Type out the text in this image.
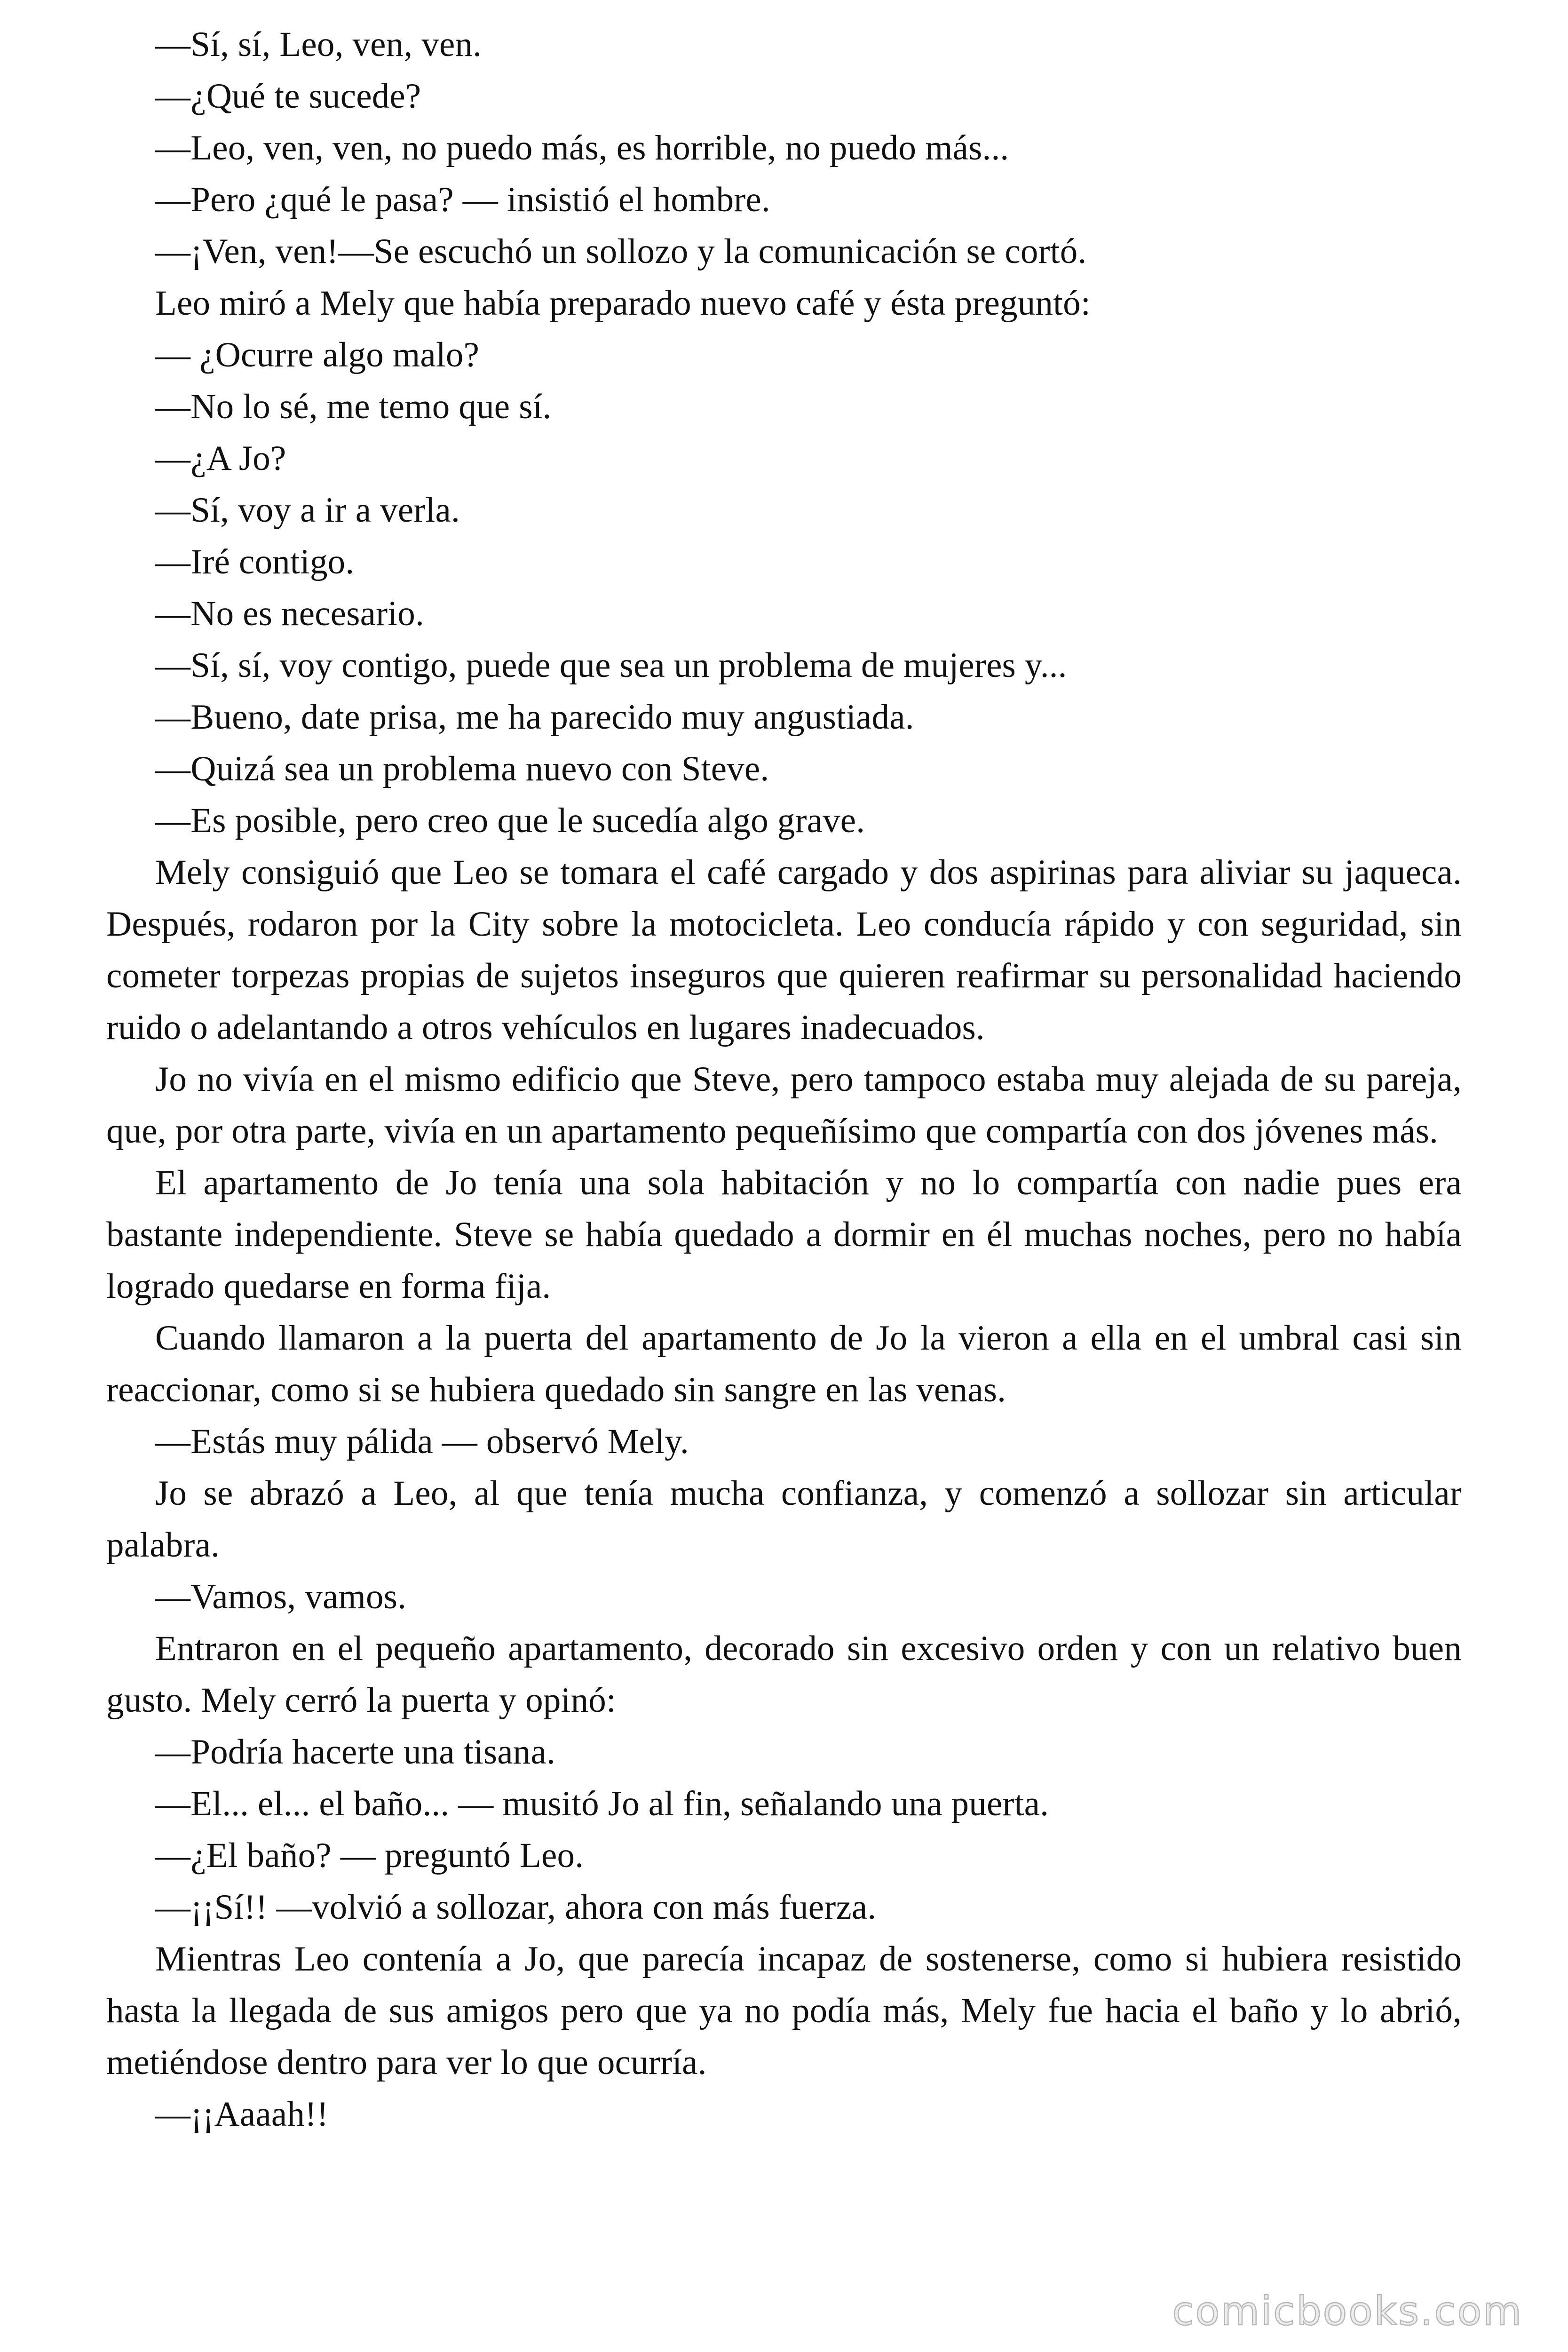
—Sí, sí, Leo, ven, ven.

—¿Qué te sucede?

—Leo, ven, ven, no puedo más, es horrible, no puedo más...

—Pero ¿qué le pasa? — insistió el hombre.

—¡Ven, ven!—Se escuchó un sollozo y la comunicación se cortó.

Leo miró a Mely que había preparado nuevo café y ésta preguntó:

— ¿Ocurre algo malo?

—No lo sé, me temo que sí.

—¿A Jo?

—Sí, voy a ir a verla.

—Iré contigo.

—No es necesario.

—Sí, sí, voy contigo, puede que sea un problema de mujeres y...

—Bueno, date prisa, me ha parecido muy angustiada.

—Quizá sea un problema nuevo con Steve.

—Es posible, pero creo que le sucedía algo grave.

Mely consiguió que Leo se tomara el café cargado y dos aspirinas para aliviar su jaqueca. Después, rodaron por la City sobre la motocicleta. Leo conducía rápido y con seguridad, sin cometer torpezas propias de sujetos inseguros que quieren reafirmar su personalidad haciendo ruido o adelantando a otros vehículos en lugares inadecuados.

Jo no vivía en el mismo edificio que Steve, pero tampoco estaba muy alejada de su pareja, que, por otra parte, vivía en un apartamento pequeñísimo que compartía con dos jóvenes más.

El apartamento de Jo tenía una sola habitación y no lo compartía con nadie pues era bastante independiente. Steve se había quedado a dormir en él muchas noches, pero no había logrado quedarse en forma fija.

Cuando llamaron a la puerta del apartamento de Jo la vieron a ella en el umbral casi sin reaccionar, como si se hubiera quedado sin sangre en las venas.

—Estás muy pálida — observó Mely.

Jo se abrazó a Leo, al que tenía mucha confianza, y comenzó a sollozar sin articular palabra.

—Vamos, vamos.

Entraron en el pequeño apartamento, decorado sin excesivo orden y con un relativo buen gusto. Mely cerró la puerta y opinó:

—Podría hacerte una tisana.

—El... el... el baño... — musitó Jo al fin, señalando una puerta.

—¿El baño? — preguntó Leo.

—¡¡Sí!! —volvió a sollozar, ahora con más fuerza.

Mientras Leo contenía a Jo, que parecía incapaz de sostenerse, como si hubiera resistido hasta la llegada de sus amigos pero que ya no podía más, Mely fue hacia el baño y lo abrió, metiéndose dentro para ver lo que ocurría.

—¡¡Aaaah!!

comicbooks.com
